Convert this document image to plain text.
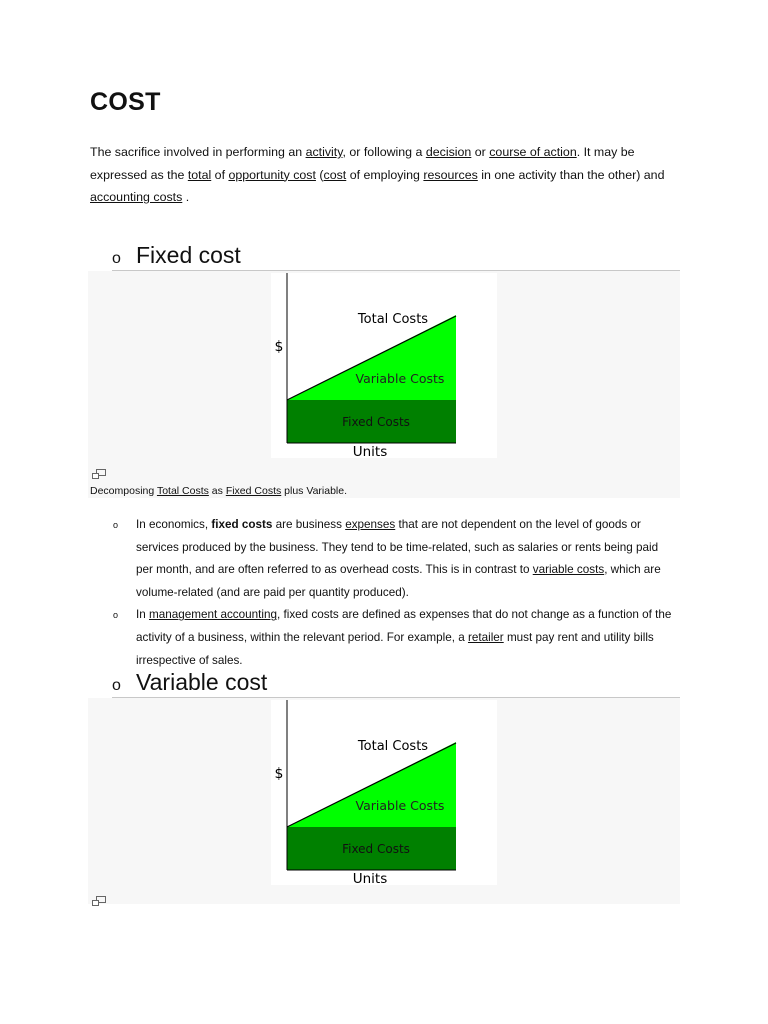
COST

The sacrifice involved in performing an activity, or following a decision or course of action. It may be expressed as the total of opportunity cost (cost of employing resources in one activity than the other) and accounting costs .

o Fixed cost
$
Total Costs
Variable Costs
Fixed Costs
Units
Decomposing Total Costs as Fixed Costs plus Variable.
o In economics, fixed costs are business expenses that are not dependent on the level of goods or services produced by the business. They tend to be time-related, such as salaries or rents being paid per month, and are often referred to as overhead costs. This is in contrast to variable costs, which are volume-related (and are paid per quantity produced).
o In management accounting, fixed costs are defined as expenses that do not change as a function of the activity of a business, within the relevant period. For example, a retailer must pay rent and utility bills irrespective of sales.
o Variable cost
$
Total Costs
Variable Costs
Fixed Costs
Units
